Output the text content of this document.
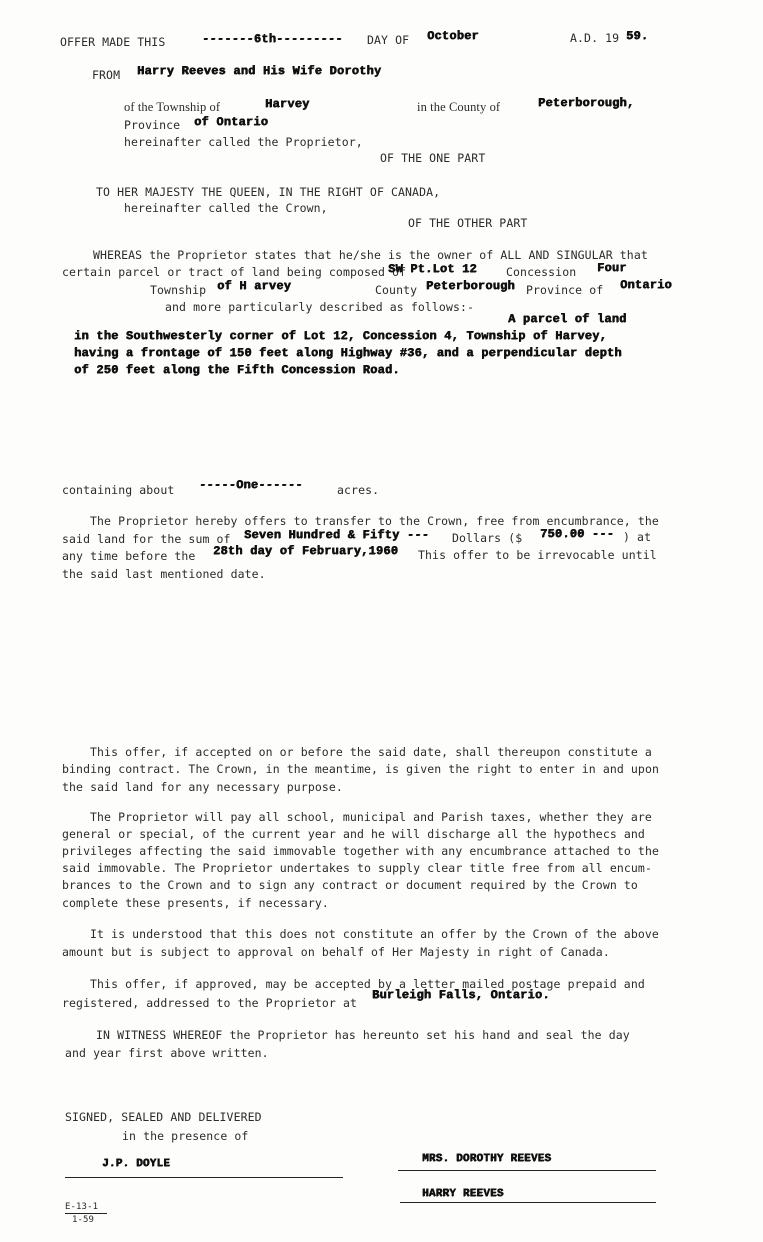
OFFER MADE THIS	-------6th--------- DAY OF October	A.D. 19 59.
FROM Harry Reeves and His Wife Dorothy
of the Township of	Harvey	in the County of	Peterborough,
Province of Ontario
hereinafter called the Proprietor,
OF THE ONE PART
TO HER MAJESTY THE QUEEN, IN THE RIGHT OF CANADA,
hereinafter called the Crown,
OF THE OTHER PART
WHEREAS the Proprietor states that he/she is the owner of ALL AND SINGULAR that
certain parcel or tract of land being composed of
SW Pt.Lot 12	Concession Four
Township of H arvey	County Peterborough Province of Ontario
and more particularly described as follows:-
A parcel of land
in the Southwesterly corner of Lot 12, Concession 4, Township of Harvey,
having a frontage of 150 feet along Highway #36, and a perpendicular depth
of 250 feet along the Fifth Concession Road.
containing about -----One------	acres.
The Proprietor hereby offers to transfer to the Crown, free from encumbrance, the
said land for the sum of Seven Hundred & Fifty --- Dollars ($ 750.00 --- ) at
any time before the 28th day of February,1960 This offer to be irrevocable until
the said last mentioned date.
This offer, if accepted on or before the said date, shall thereupon constitute a
binding contract. The Crown, in the meantime, is given the right to enter in and upon
the said land for any necessary purpose.
The Proprietor will pay all school, municipal and Parish taxes, whether they are
general or special, of the current year and he will discharge all the hypothecs and
privileges affecting the said immovable together with any encumbrance attached to the
said immovable. The Proprietor undertakes to supply clear title free from all encum-
brances to the Crown and to sign any contract or document required by the Crown to
complete these presents, if necessary.
It is understood that this does not constitute an offer by the Crown of the above
amount but is subject to approval on behalf of Her Majesty in right of Canada.
This offer, if approved, may be accepted by a letter mailed postage prepaid and
registered, addressed to the Proprietor at
Burleigh Falls, Ontario.
IN WITNESS WHEREOF the Proprietor has hereunto set his hand and seal the day
and year first above written.
SIGNED, SEALED AND DELIVERED
in the presence of
J.P. DOYLE	MRS. DOROTHY REEVES
HARRY REEVES
E-13-1
1-59
